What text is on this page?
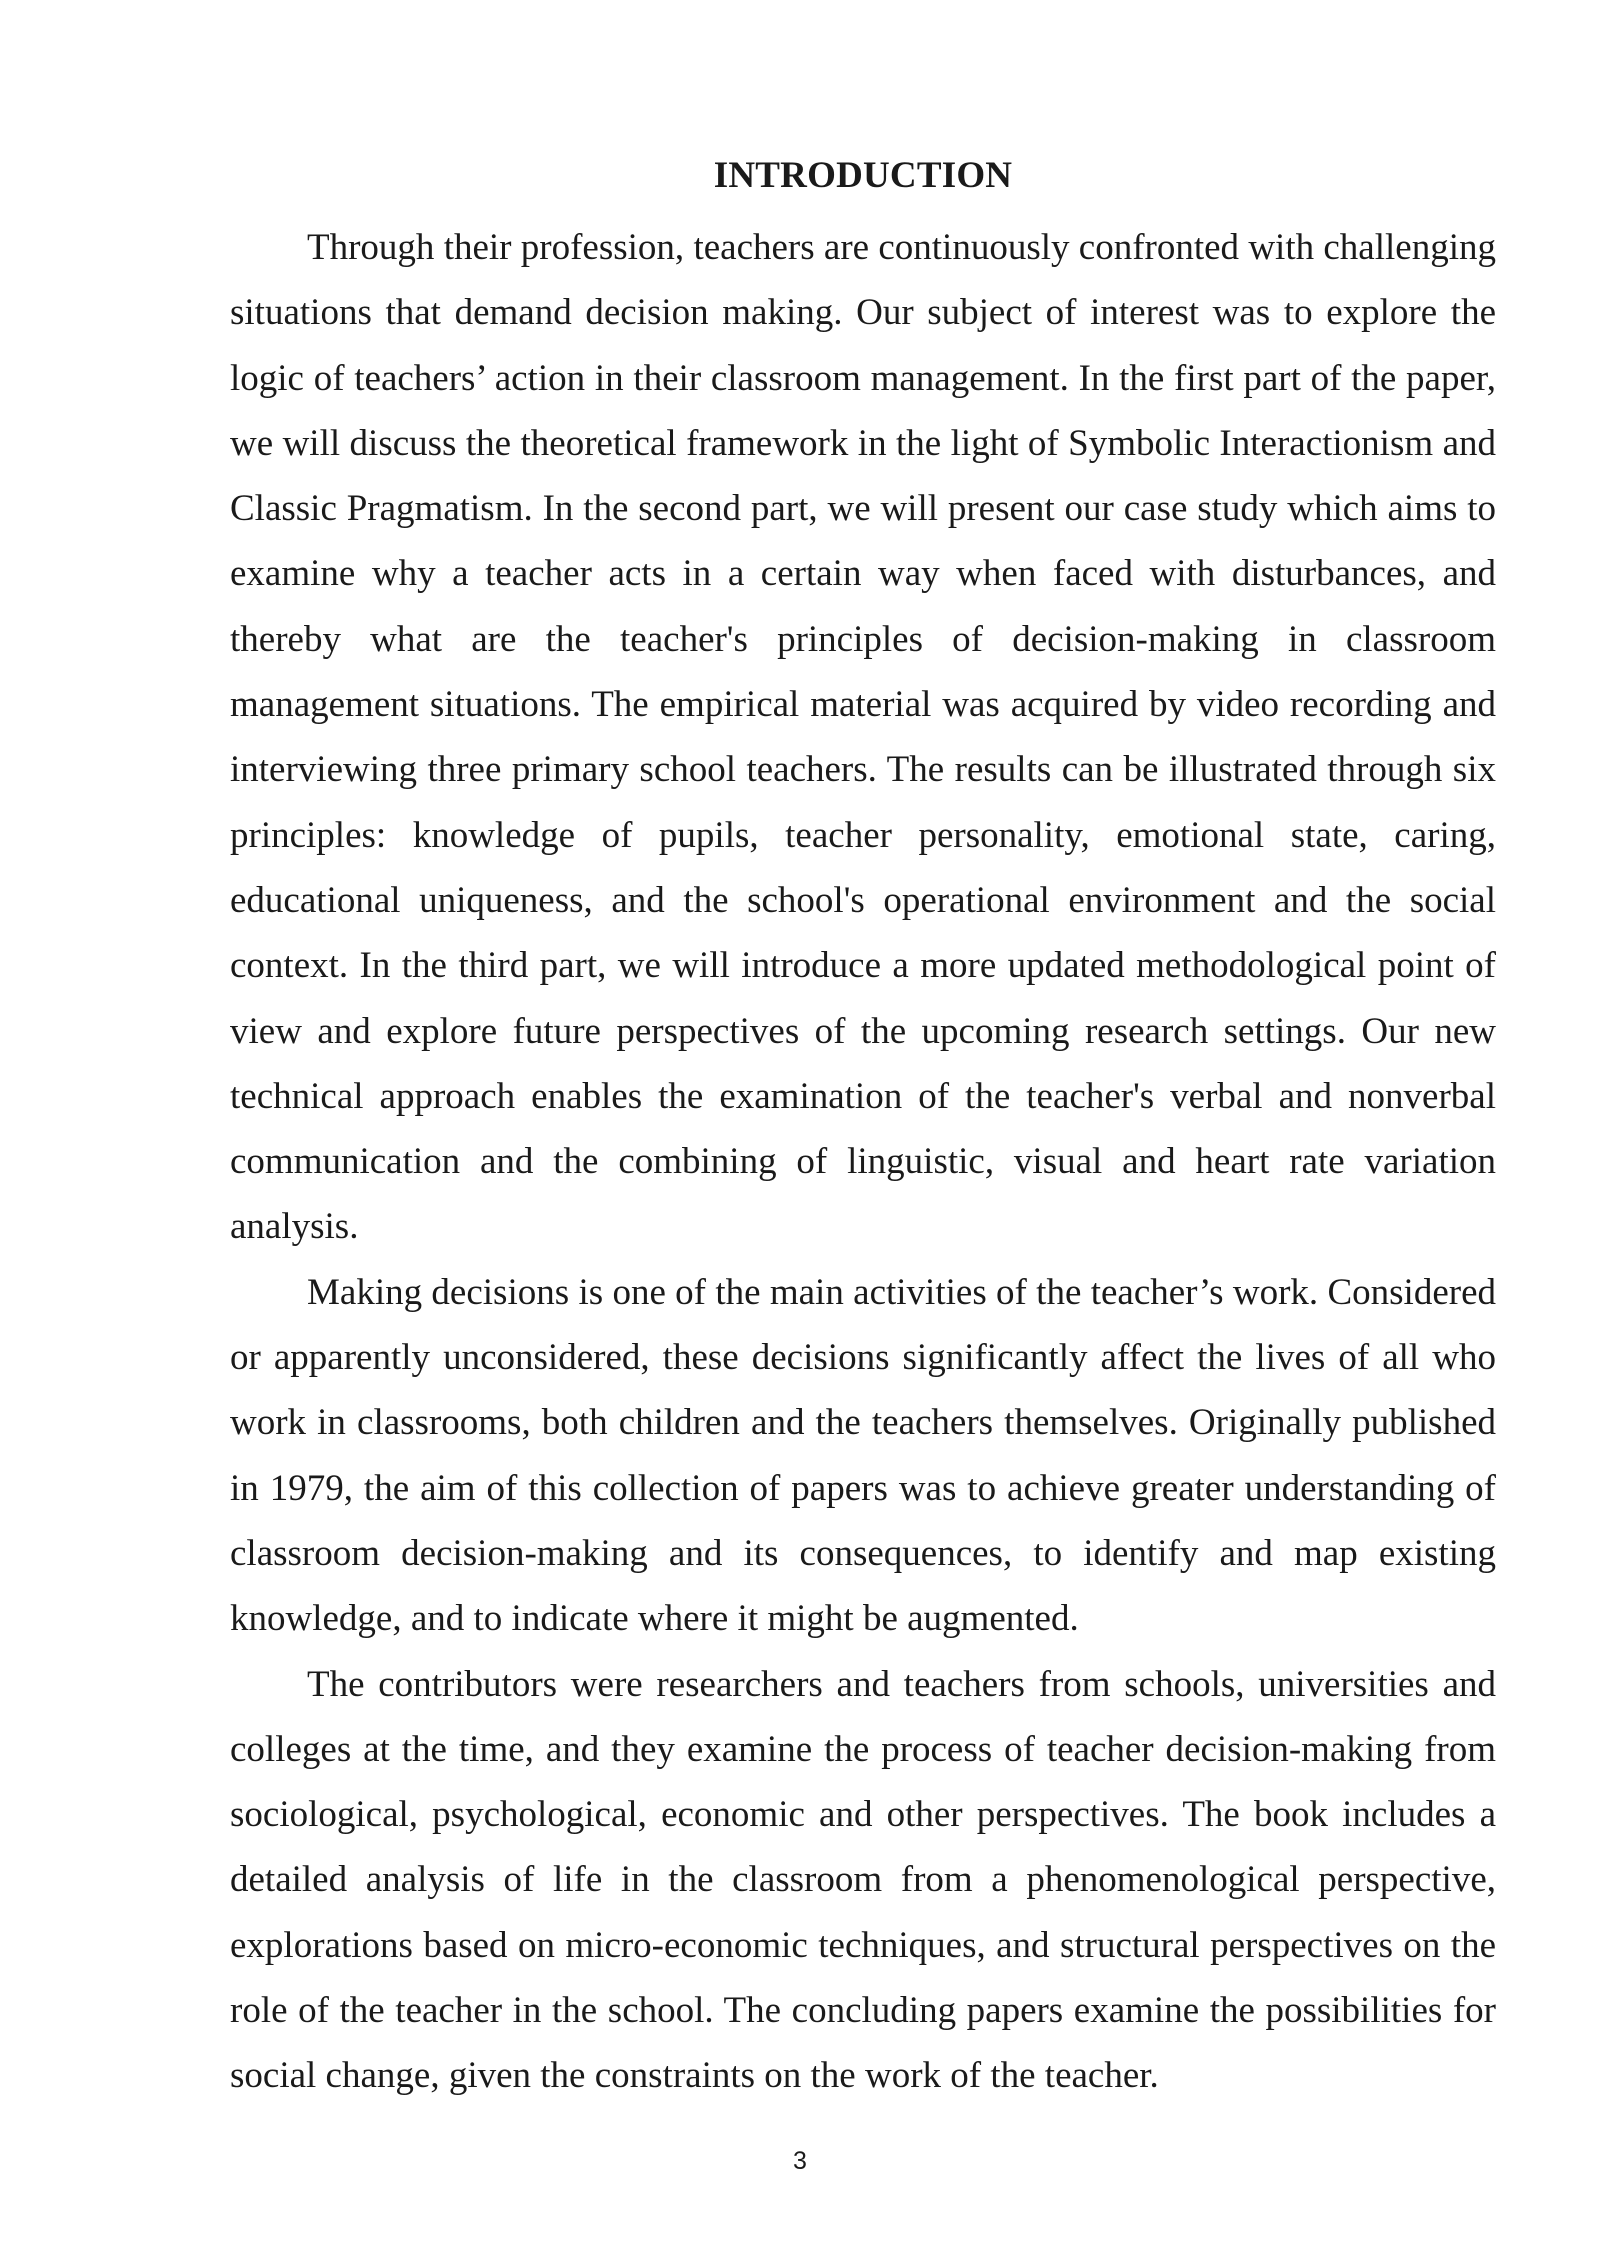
INTRODUCTION

Through their profession, teachers are continuously confronted with challenging situations that demand decision making. Our subject of interest was to explore the logic of teachers’ action in their classroom management. In the first part of the paper, we will discuss the theoretical framework in the light of Symbolic Interactionism and Classic Pragmatism. In the second part, we will present our case study which aims to examine why a teacher acts in a certain way when faced with disturbances, and thereby what are the teacher's principles of decision-making in classroom management situations. The empirical material was acquired by video recording and interviewing three primary school teachers. The results can be illustrated through six principles: knowledge of pupils, teacher personality, emotional state, caring, educational uniqueness, and the school's operational environment and the social context. In the third part, we will introduce a more updated methodological point of view and explore future perspectives of the upcoming research settings. Our new technical approach enables the examination of the teacher's verbal and nonverbal communication and the combining of linguistic, visual and heart rate variation analysis.

Making decisions is one of the main activities of the teacher’s work. Considered or apparently unconsidered, these decisions significantly affect the lives of all who work in classrooms, both children and the teachers themselves. Originally published in 1979, the aim of this collection of papers was to achieve greater understanding of classroom decision-making and its consequences, to identify and map existing knowledge, and to indicate where it might be augmented.

The contributors were researchers and teachers from schools, universities and colleges at the time, and they examine the process of teacher decision-making from sociological, psychological, economic and other perspectives. The book includes a detailed analysis of life in the classroom from a phenomenological perspective, explorations based on micro-economic techniques, and structural perspectives on the role of the teacher in the school. The concluding papers examine the possibilities for social change, given the constraints on the work of the teacher.

3
